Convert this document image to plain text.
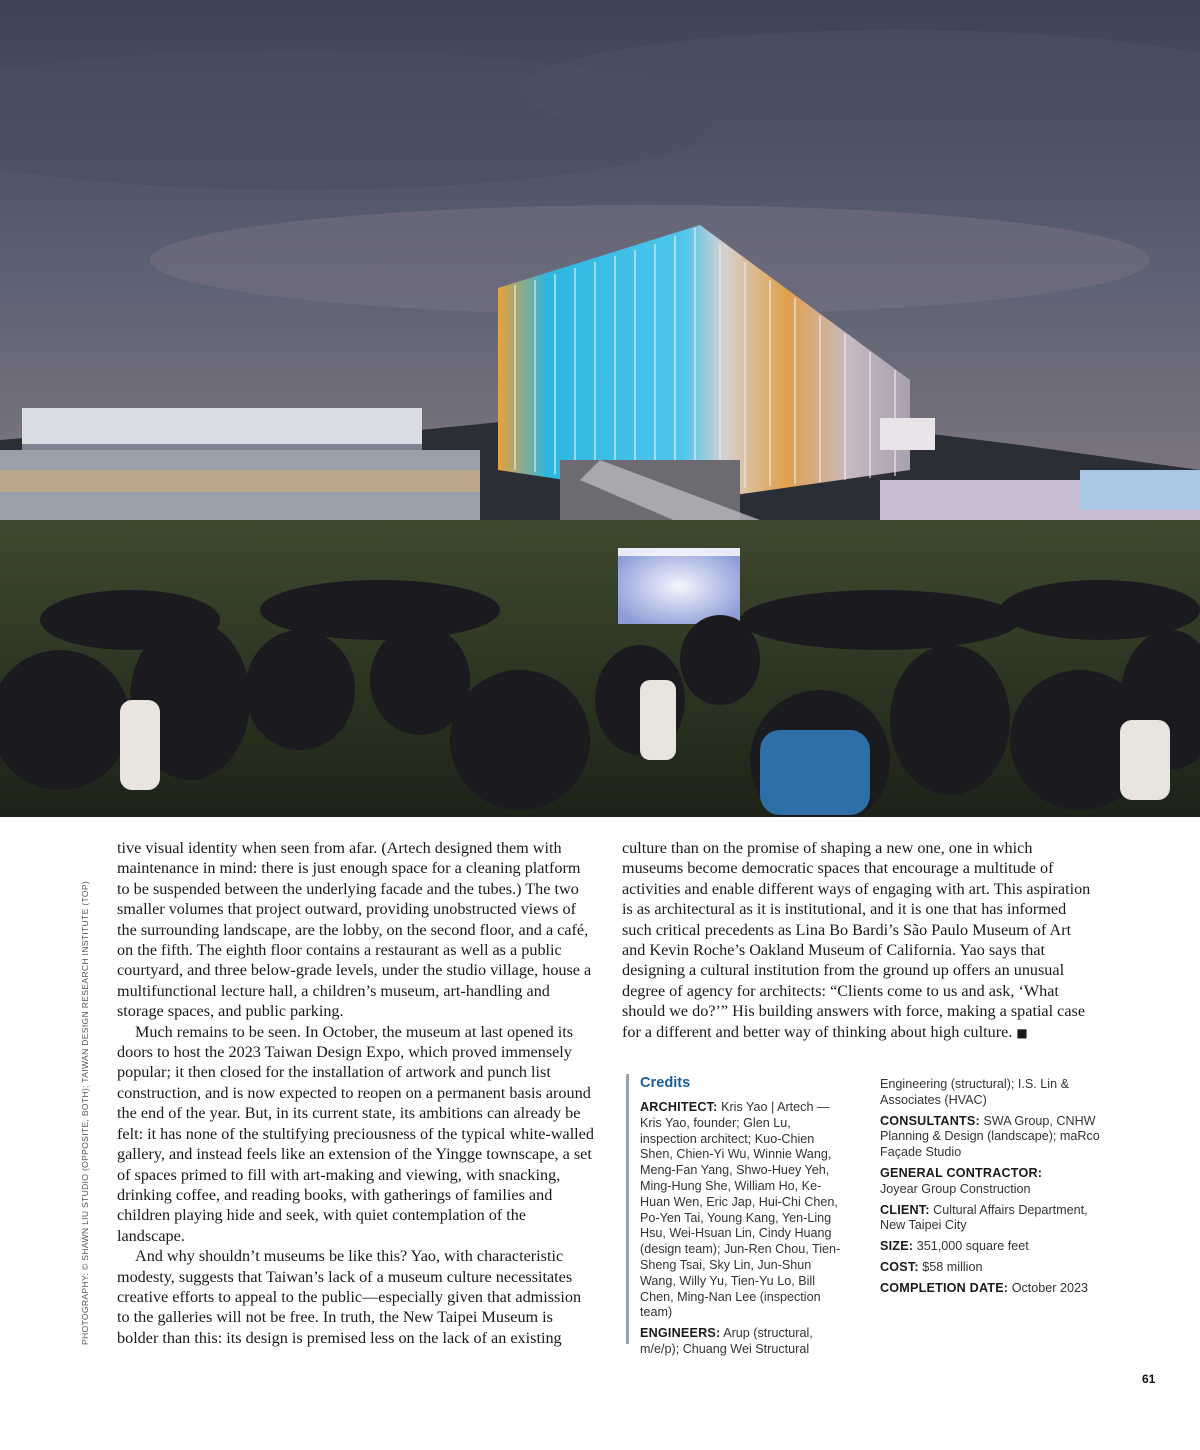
PHOTOGRAPHY: © SHAWN LIU STUDIO (OPPOSITE, BOTH); TAIWAN DESIGN RESEARCH INSTITUTE (TOP)

tive visual identity when seen from afar. (Artech designed them with maintenance in mind: there is just enough space for a cleaning platform to be suspended between the underlying facade and the tubes.) The two smaller volumes that project outward, providing unobstructed views of the surrounding landscape, are the lobby, on the second floor, and a café, on the fifth. The eighth floor contains a restaurant as well as a public courtyard, and three below-grade levels, under the studio village, house a multifunctional lecture hall, a children’s museum, art-handling and storage spaces, and public parking.

Much remains to be seen. In October, the museum at last opened its doors to host the 2023 Taiwan Design Expo, which proved immensely popular; it then closed for the installation of artwork and punch list construction, and is now expected to reopen on a permanent basis around the end of the year. But, in its current state, its ambitions can already be felt: it has none of the stultifying preciousness of the typical white-walled gallery, and instead feels like an extension of the Yingge townscape, a set of spaces primed to fill with art-making and viewing, with snacking, drinking coffee, and reading books, with gatherings of families and children playing hide and seek, with quiet contemplation of the landscape.

And why shouldn’t museums be like this? Yao, with characteristic modesty, suggests that Taiwan’s lack of a museum culture necessitates creative efforts to appeal to the public—especially given that admission to the galleries will not be free. In truth, the New Taipei Museum is bolder than this: its design is premised less on the lack of an existing

culture than on the promise of shaping a new one, one in which museums become democratic spaces that encourage a multitude of activities and enable different ways of engaging with art. This aspiration is as architectural as it is institutional, and it is one that has informed such critical precedents as Lina Bo Bardi’s São Paulo Museum of Art and Kevin Roche’s Oakland Museum of California. Yao says that designing a cultural institution from the ground up offers an unusual degree of agency for architects: “Clients come to us and ask, ‘What should we do?’” His building answers with force, making a spatial case for a different and better way of thinking about high culture. ■

Credits

ARCHITECT: Kris Yao | Artech — Kris Yao, founder; Glen Lu, inspection architect; Kuo-Chien Shen, Chien-Yi Wu, Winnie Wang, Meng-Fan Yang, Shwo-Huey Yeh, Ming-Hung She, William Ho, Ke-Huan Wen, Eric Jap, Hui-Chi Chen, Po-Yen Tai, Young Kang, Yen-Ling Hsu, Wei-Hsuan Lin, Cindy Huang (design team); Jun-Ren Chou, Tien-Sheng Tsai, Sky Lin, Jun-Shun Wang, Willy Yu, Tien-Yu Lo, Bill Chen, Ming-Nan Lee (inspection team)

ENGINEERS: Arup (structural, m/e/p); Chuang Wei Structural

Engineering (structural); I.S. Lin & Associates (HVAC)

CONSULTANTS: SWA Group, CNHW Planning & Design (landscape); maRco Façade Studio

GENERAL CONTRACTOR:
Joyear Group Construction

CLIENT: Cultural Affairs Department, New Taipei City

SIZE: 351,000 square feet

COST: $58 million

COMPLETION DATE: October 2023

61
